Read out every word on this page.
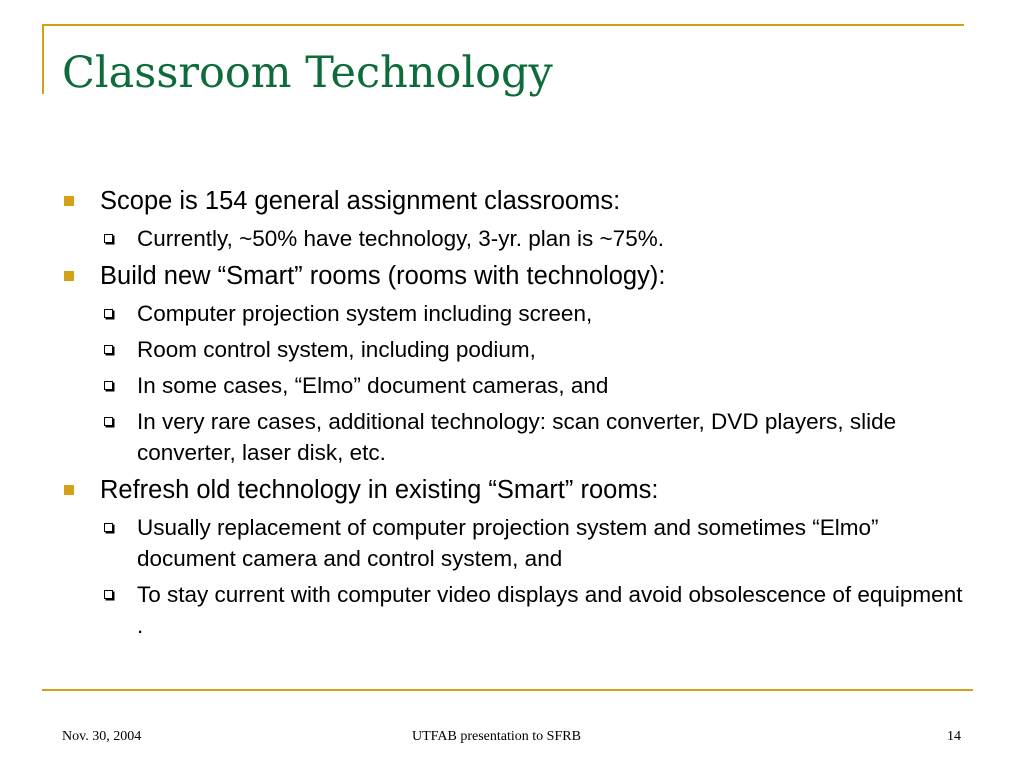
Classroom Technology
Scope is 154 general assignment classrooms:
Currently, ~50% have technology, 3-yr. plan is ~75%.
Build new “Smart” rooms (rooms with technology):
Computer projection system including screen,
Room control system, including podium,
In some cases, “Elmo” document cameras, and
In very rare cases, additional technology: scan converter, DVD players, slide converter, laser disk, etc.
Refresh old technology in existing “Smart” rooms:
Usually replacement of computer projection system and sometimes “Elmo” document camera and control system, and
To stay current with computer video displays and avoid obsolescence of equipment .
Nov. 30, 2004	UTFAB presentation to SFRB	14
